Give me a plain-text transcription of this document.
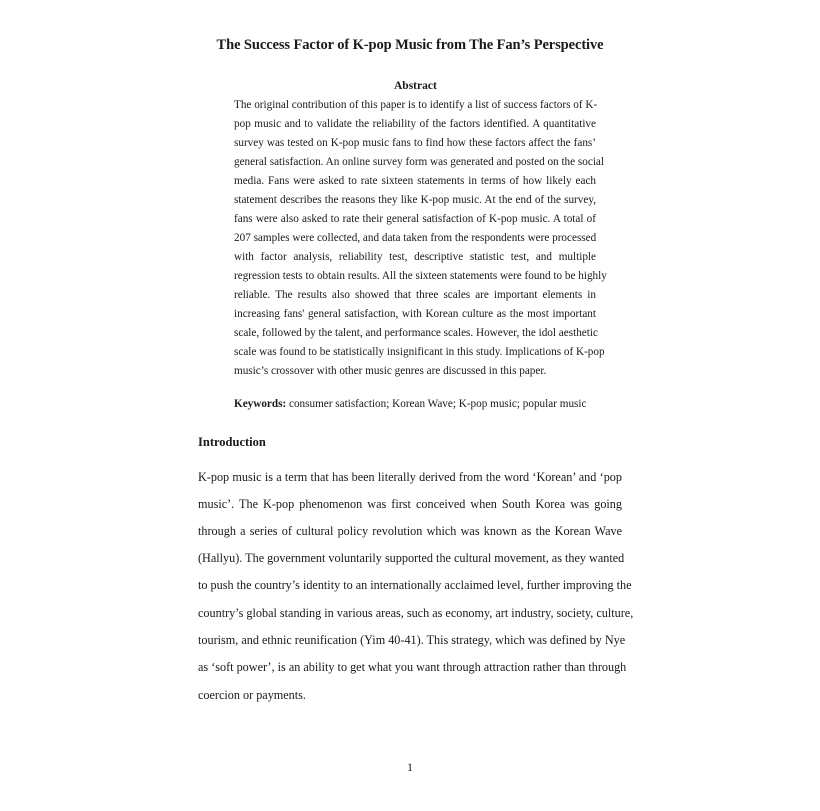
The Success Factor of K-pop Music from The Fan’s Perspective
Abstract
The original contribution of this paper is to identify a list of success factors of K-
pop music and to validate the reliability of the factors identified. A quantitative
survey was tested on K-pop music fans to find how these factors affect the fans’
general satisfaction. An online survey form was generated and posted on the social
media. Fans were asked to rate sixteen statements in terms of how likely each
statement describes the reasons they like K-pop music. At the end of the survey,
fans were also asked to rate their general satisfaction of K-pop music. A total of
207 samples were collected, and data taken from the respondents were processed
with factor analysis, reliability test, descriptive statistic test, and multiple
regression tests to obtain results. All the sixteen statements were found to be highly
reliable. The results also showed that three scales are important elements in
increasing fans' general satisfaction, with Korean culture as the most important
scale, followed by the talent, and performance scales. However, the idol aesthetic
scale was found to be statistically insignificant in this study. Implications of K-pop
music’s crossover with other music genres are discussed in this paper.
Keywords: consumer satisfaction; Korean Wave; K-pop music; popular music
Introduction
K-pop music is a term that has been literally derived from the word ‘Korean’ and ‘pop
music’. The K-pop phenomenon was first conceived when South Korea was going
through a series of cultural policy revolution which was known as the Korean Wave
(Hallyu). The government voluntarily supported the cultural movement, as they wanted
to push the country’s identity to an internationally acclaimed level, further improving the
country’s global standing in various areas, such as economy, art industry, society, culture,
tourism, and ethnic reunification (Yim 40-41). This strategy, which was defined by Nye
as ‘soft power’, is an ability to get what you want through attraction rather than through
coercion or payments.
1
